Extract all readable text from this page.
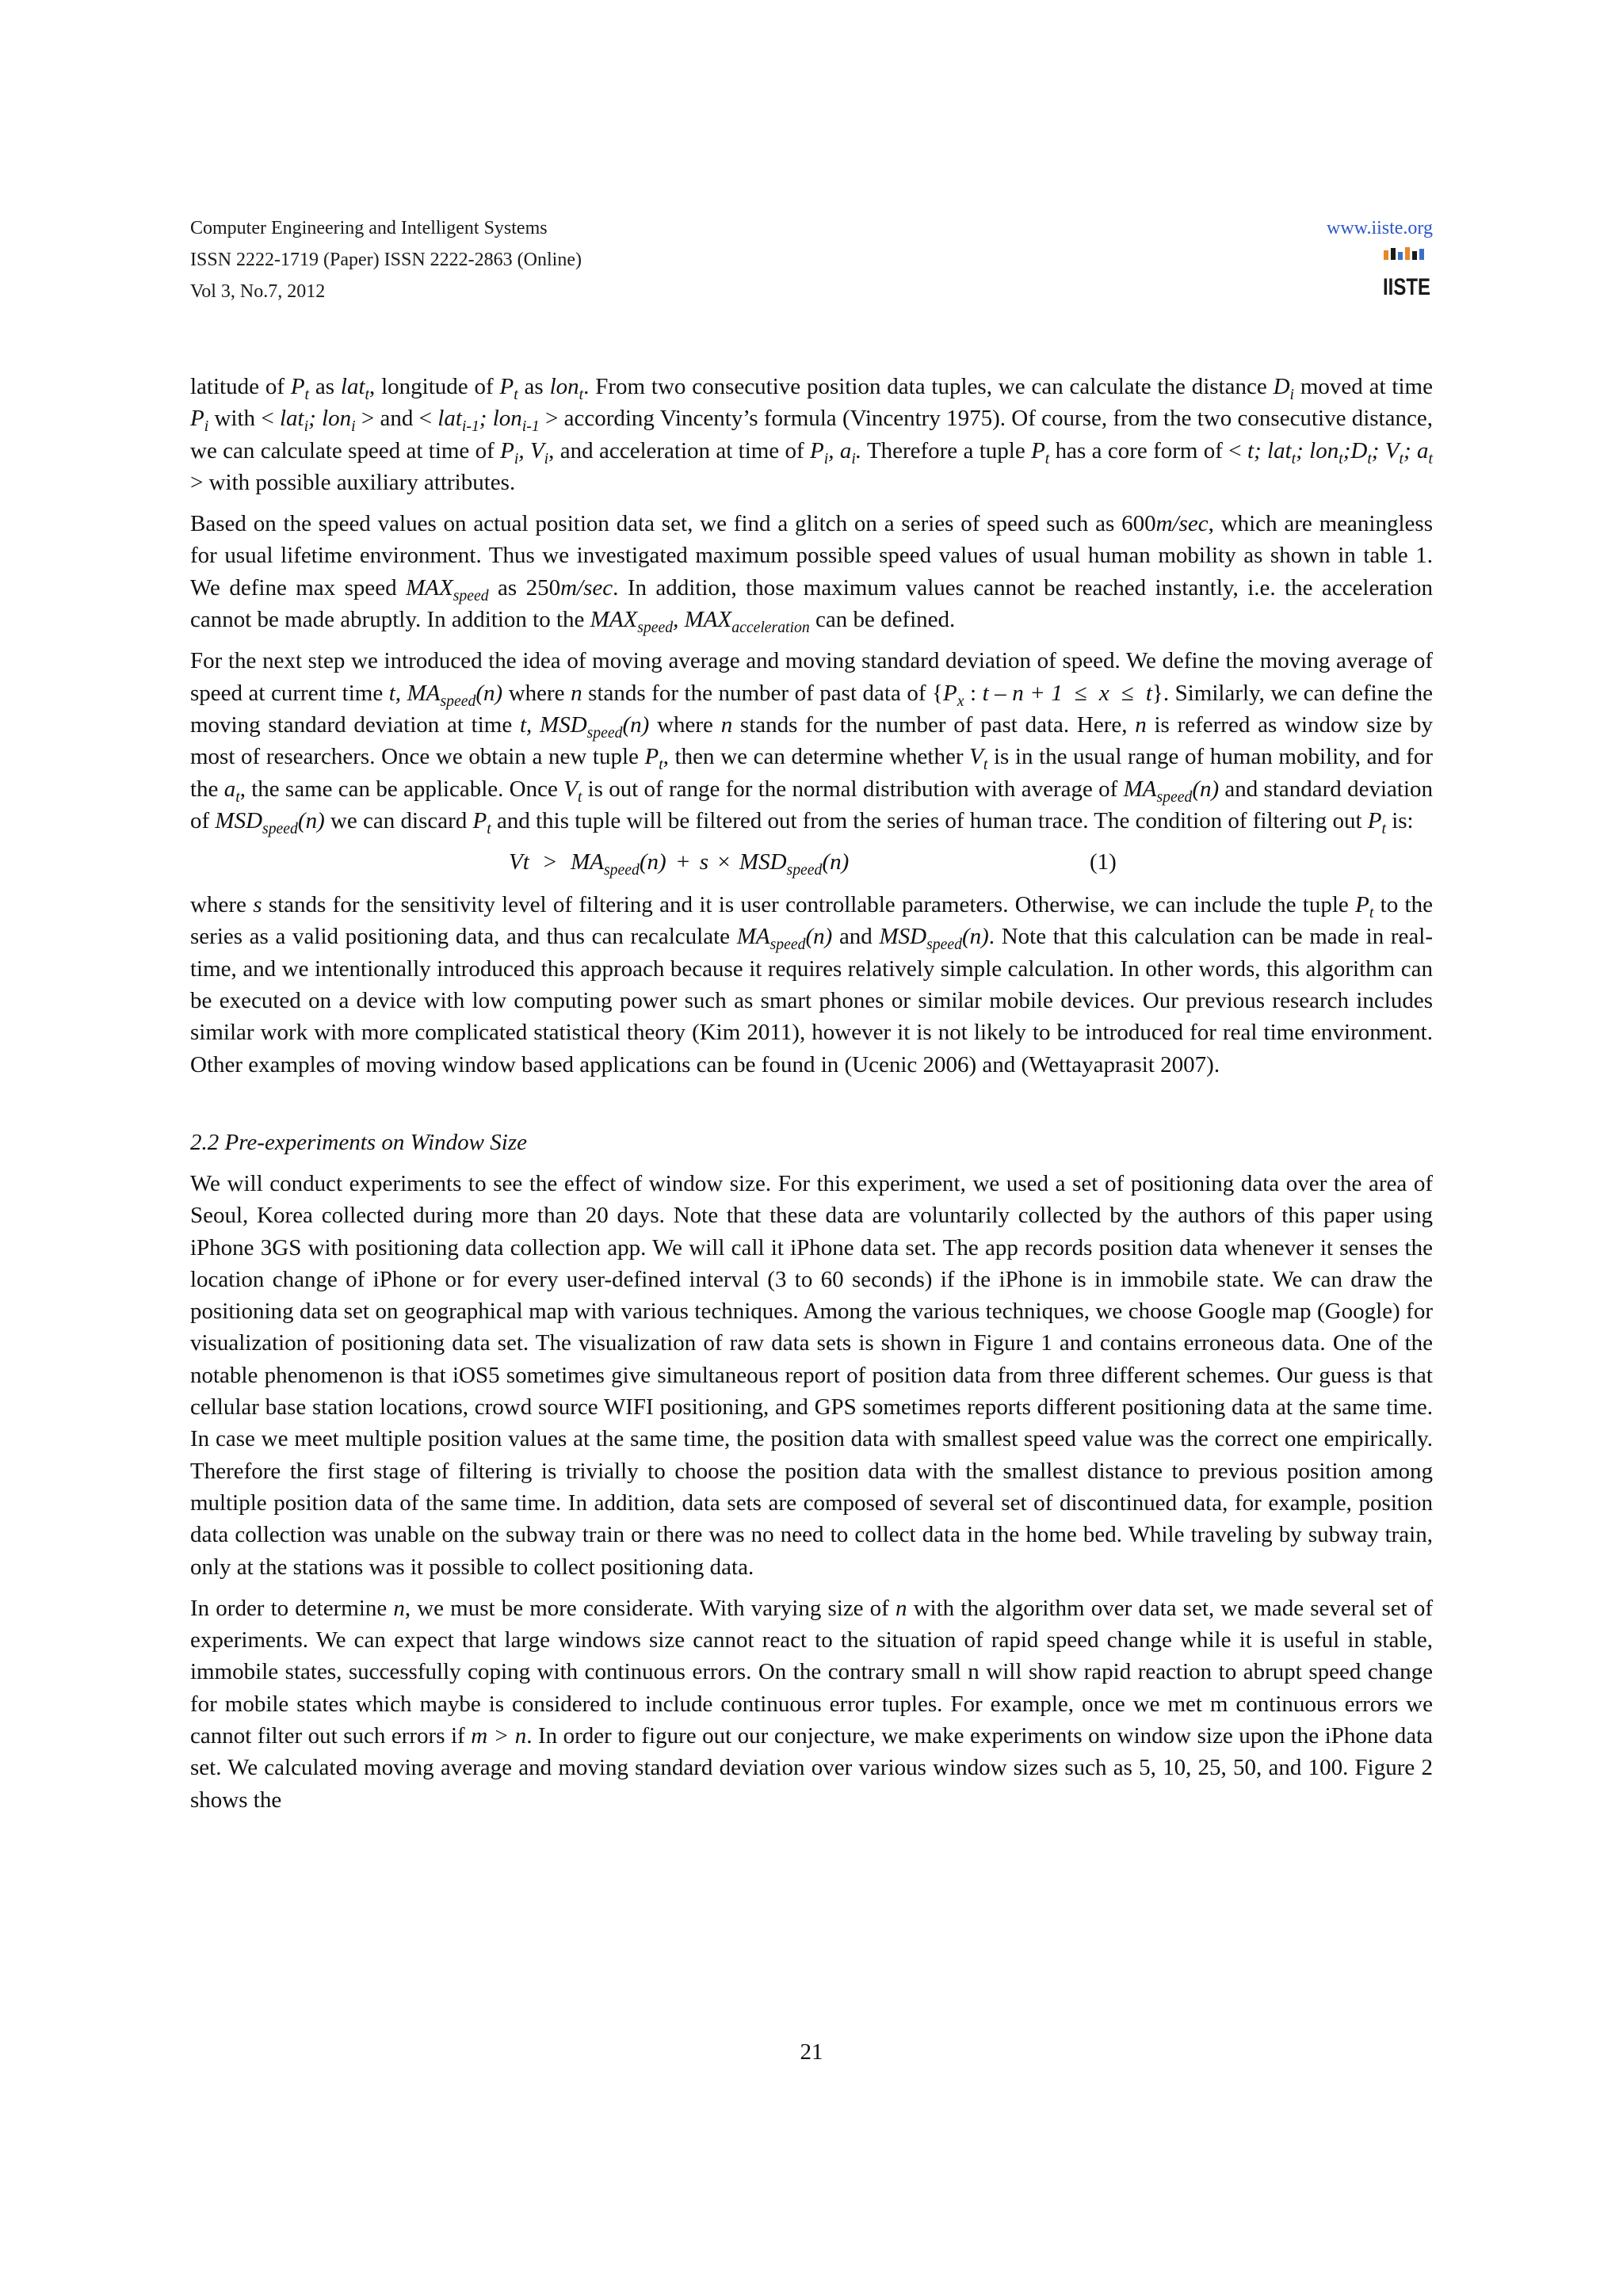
Computer Engineering and Intelligent Systems
ISSN 2222-1719 (Paper) ISSN 2222-2863 (Online)
Vol 3, No.7, 2012
www.iiste.org
IISTE

latitude of $P_t$ as lat$_t$, longitude of $P_t$ as lon$_t$. From two consecutive position data tuples, we can calculate the distance $D_i$ moved at time $P_i$ with < lat$_i$; lon$_i$ > and < lat$_{i-1}$; lon$_{i-1}$ > according Vincenty’s formula (Vincentry 1975). Of course, from the two consecutive distance, we can calculate speed at time of $P_i$, $V_i$, and acceleration at time of $P_i$, $a_i$. Therefore a tuple $P_t$ has a core form of < t; lat$_t$; $lon_t;D_t$; $V_t$; $a_t$ > with possible auxiliary attributes.

Based on the speed values on actual position data set, we find a glitch on a series of speed such as 600m/sec, which are meaningless for usual lifetime environment. Thus we investigated maximum possible speed values of usual human mobility as shown in table 1. We define max speed $MAX_{speed}$ as 250m/sec. In addition, those maximum values cannot be reached instantly, i.e. the acceleration cannot be made abruptly. In addition to the $MAX_{speed}$, $MAX_{acceleration}$ can be defined.

For the next step we introduced the idea of moving average and moving standard deviation of speed. We define the moving average of speed at current time t, $MA_{speed}(n)$ where n stands for the number of past data of {$P_x$ : t – n + 1  ≤  x  ≤  t}. Similarly, we can define the moving standard deviation at time t, $MSD_{speed}(n)$ where n stands for the number of past data. Here, n is referred as window size by most of researchers. Once we obtain a new tuple $P_t$, then we can determine whether $V_t$ is in the usual range of human mobility, and for the $a_t$, the same can be applicable. Once $V_t$ is out of range for the normal distribution with average of $MA_{speed}(n)$ and standard deviation of $MSD_{speed}(n)$ we can discard $P_t$ and this tuple will be filtered out from the series of human trace. The condition of filtering out $P_t$ is:

$Vt > MA_{speed}(n) + s \times MSD_{speed}(n)$	(1)

where s stands for the sensitivity level of filtering and it is user controllable parameters. Otherwise, we can include the tuple $P_t$ to the series as a valid positioning data, and thus can recalculate $MA_{speed}(n)$ and $MSD_{speed}(n)$. Note that this calculation can be made in real-time, and we intentionally introduced this approach because it requires relatively simple calculation. In other words, this algorithm can be executed on a device with low computing power such as smart phones or similar mobile devices. Our previous research includes similar work with more complicated statistical theory (Kim 2011), however it is not likely to be introduced for real time environment. Other examples of moving window based applications can be found in (Ucenic 2006) and (Wettayaprasit 2007).

2.2 Pre-experiments on Window Size

We will conduct experiments to see the effect of window size. For this experiment, we used a set of positioning data over the area of Seoul, Korea collected during more than 20 days. Note that these data are voluntarily collected by the authors of this paper using iPhone 3GS with positioning data collection app. We will call it iPhone data set. The app records position data whenever it senses the location change of iPhone or for every user-defined interval (3 to 60 seconds) if the iPhone is in immobile state. We can draw the positioning data set on geographical map with various techniques. Among the various techniques, we choose Google map (Google) for visualization of positioning data set. The visualization of raw data sets is shown in Figure 1 and contains erroneous data. One of the notable phenomenon is that iOS5 sometimes give simultaneous report of position data from three different schemes. Our guess is that cellular base station locations, crowd source WIFI positioning, and GPS sometimes reports different positioning data at the same time. In case we meet multiple position values at the same time, the position data with smallest speed value was the correct one empirically. Therefore the first stage of filtering is trivially to choose the position data with the smallest distance to previous position among multiple position data of the same time. In addition, data sets are composed of several set of discontinued data, for example, position data collection was unable on the subway train or there was no need to collect data in the home bed. While traveling by subway train, only at the stations was it possible to collect positioning data.

In order to determine n, we must be more considerate. With varying size of n with the algorithm over data set, we made several set of experiments. We can expect that large windows size cannot react to the situation of rapid speed change while it is useful in stable, immobile states, successfully coping with continuous errors. On the contrary small n will show rapid reaction to abrupt speed change for mobile states which maybe is considered to include continuous error tuples. For example, once we met m continuous errors we cannot filter out such errors if m > n. In order to figure out our conjecture, we make experiments on window size upon the iPhone data set. We calculated moving average and moving standard deviation over various window sizes such as 5, 10, 25, 50, and 100. Figure 2 shows the

21
